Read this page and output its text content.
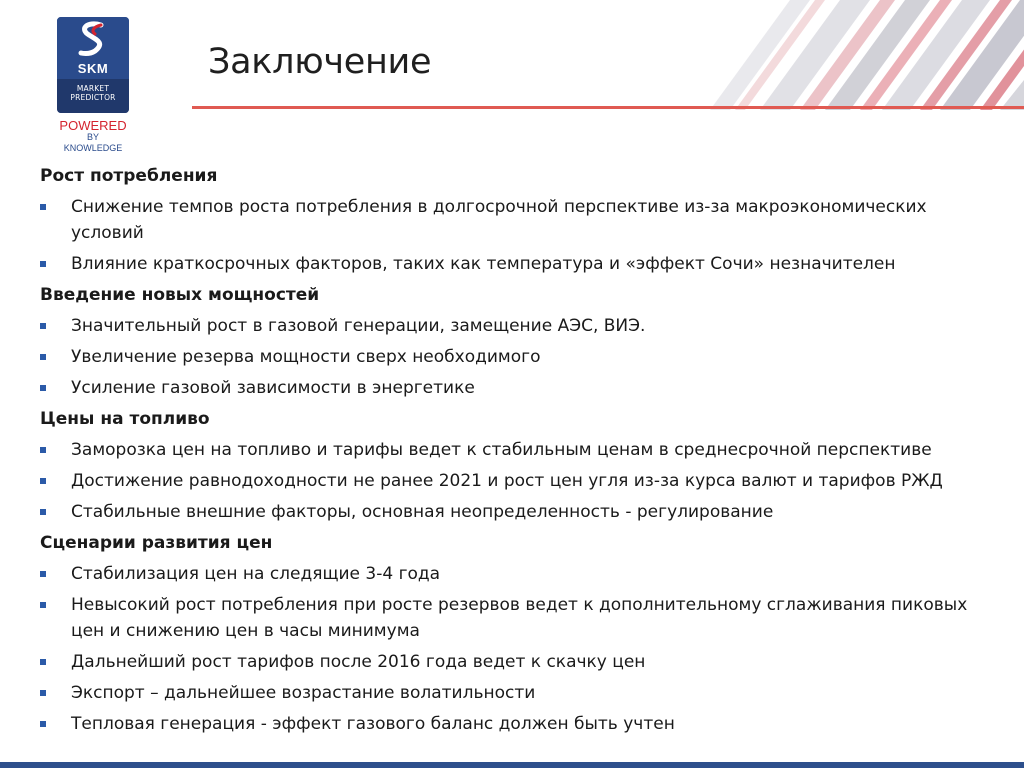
SKM
MARKET
PREDICTOR
POWERED
BY KNOWLEDGE
Заключение
Рост потребления
Снижение темпов роста потребления в долгосрочной перспективе из-за макроэкономических условий
Влияние краткосрочных факторов, таких как температура и «эффект Сочи» незначителен
Введение новых мощностей
Значительный рост в газовой генерации, замещение АЭС, ВИЭ.
Увеличение резерва мощности сверх необходимого
Усиление газовой зависимости в энергетике
Цены на топливо
Заморозка цен на топливо и тарифы ведет к стабильным ценам в среднесрочной перспективе
Достижение равнодоходности не ранее 2021 и рост цен угля из-за курса валют и тарифов РЖД
Стабильные внешние факторы, основная неопределенность - регулирование
Сценарии развития цен
Стабилизация цен на следящие 3-4 года
Невысокий рост потребления при росте резервов ведет к дополнительному сглаживания пиковых цен и снижению цен в часы минимума
Дальнейший рост тарифов после 2016 года ведет к скачку цен
Экспорт – дальнейшее возрастание волатильности
Тепловая генерация - эффект газового баланс должен быть учтен
